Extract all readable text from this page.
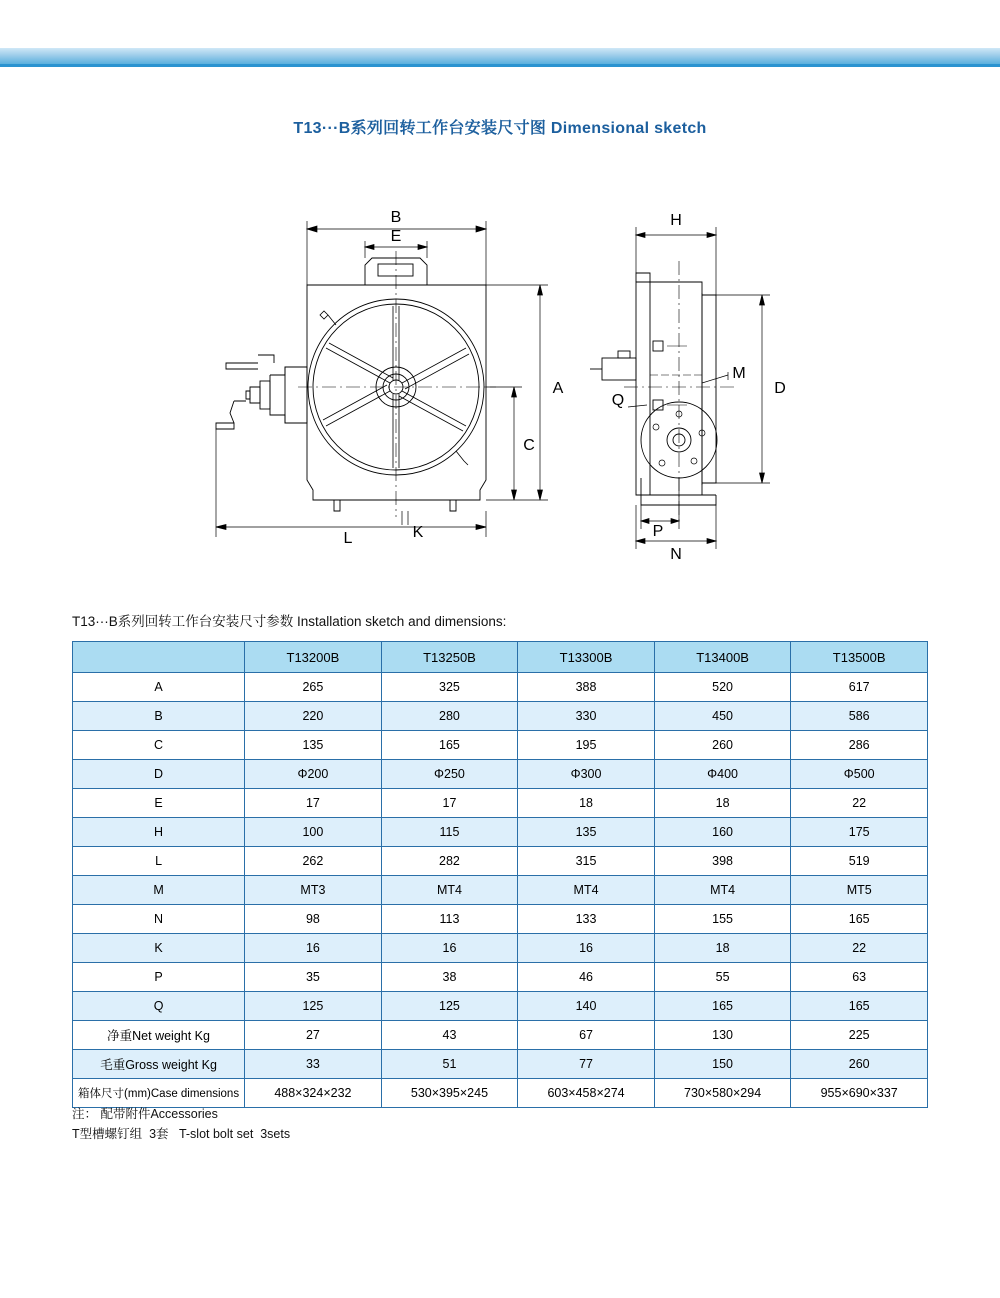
T13···B系列回转工作台安装尺寸图 Dimensional sketch
B
E
A
C
L	K
H
D
M
Q
P
N
T13···B系列回转工作台安装尺寸参数 Installation sketch and dimensions:
	T13200B	T13250B	T13300B	T13400B	T13500B
A	265	325	388	520	617
B	220	280	330	450	586
C	135	165	195	260	286
D	Φ200	Φ250	Φ300	Φ400	Φ500
E	17	17	18	18	22
H	100	115	135	160	175
L	262	282	315	398	519
M	MT3	MT4	MT4	MT4	MT5
N	98	113	133	155	165
K	16	16	16	18	22
P	35	38	46	55	63
Q	125	125	140	165	165
净重Net weight Kg	27	43	67	130	225
毛重Gross weight Kg	33	51	77	150	260
箱体尺寸(mm)Case dimensions	488×324×232	530×395×245	603×458×274	730×580×294	955×690×337
注： 配带附件Accessories
T型槽螺钉组  3套   T-slot bolt set  3sets
